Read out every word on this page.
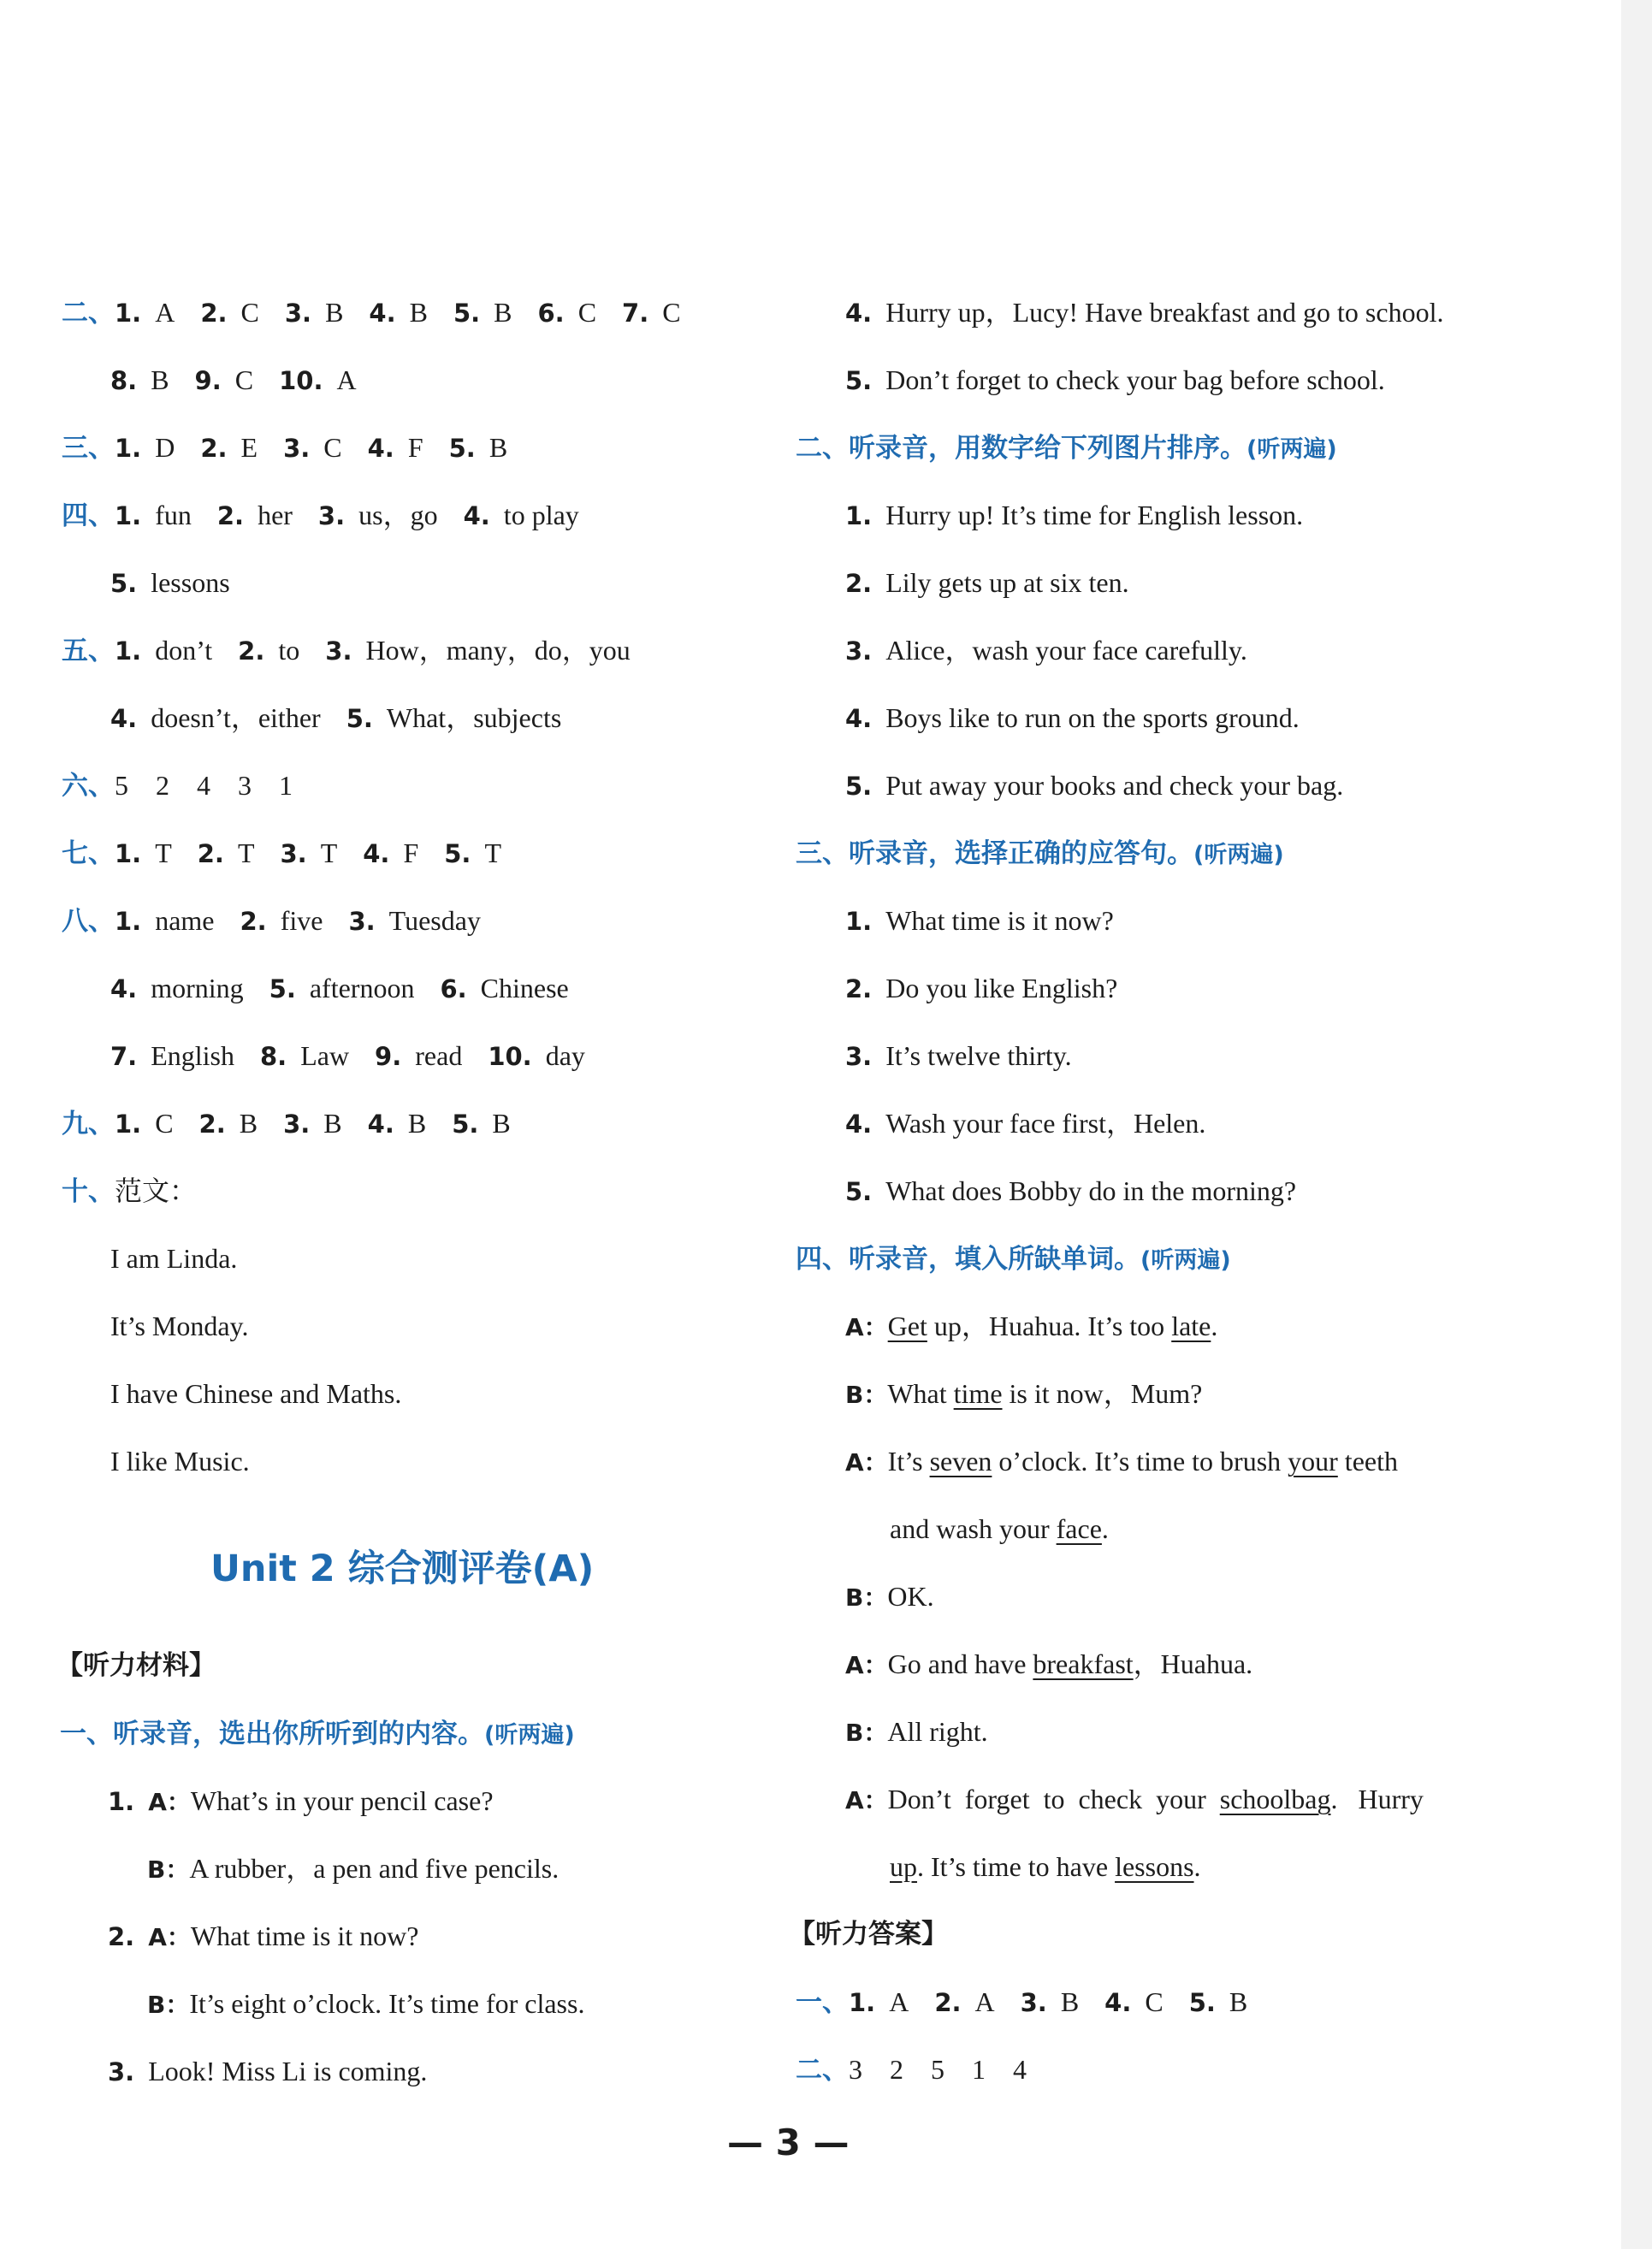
二、1. A 2. C 3. B 4. B 5. B 6. C 7. C
8. B 9. C 10. A
三、1. D 2. E 3. C 4. F 5. B
四、1. fun 2. her 3. us，go 4. to play
5. lessons
五、1. don’t 2. to 3. How，many，do，you
4. doesn’t，either 5. What，subjects
六、5　2　4　3　1
七、1. T 2. T 3. T 4. F 5. T
八、1. name 2. five 3. Tuesday
4. morning 5. afternoon 6. Chinese
7. English 8. Law 9. read 10. day
九、1. C 2. B 3. B 4. B 5. B
十、范文：
I am Linda.
It’s Monday.
I have Chinese and Maths.
I like Music.
Unit 2 综合测评卷(A)
【听力材料】
一、听录音，选出你所听到的内容。(听两遍)
1. A：What’s in your pencil case?
B：A rubber，a pen and five pencils.
2. A：What time is it now?
B：It’s eight o’clock. It’s time for class.
3. Look! Miss Li is coming.
4. Hurry up，Lucy! Have breakfast and go to school.
5. Don’t forget to check your bag before school.
二、听录音，用数字给下列图片排序。(听两遍)
1. Hurry up! It’s time for English lesson.
2. Lily gets up at six ten.
3. Alice，wash your face carefully.
4. Boys like to run on the sports ground.
5. Put away your books and check your bag.
三、听录音，选择正确的应答句。(听两遍)
1. What time is it now?
2. Do you like English?
3. It’s twelve thirty.
4. Wash your face first，Helen.
5. What does Bobby do in the morning?
四、听录音，填入所缺单词。(听两遍)
A：Get up，Huahua. It’s too late.
B：What time is it now，Mum?
A：It’s seven o’clock. It’s time to brush your teeth
and wash your face.
B：OK.
A：Go and have breakfast，Huahua.
B：All right.
A：Don’t  forget  to  check  your  schoolbag.   Hurry
up. It’s time to have lessons.
【听力答案】
一、1. A 2. A 3. B 4. C 5. B
二、3　2　5　1　4
— 3 —
